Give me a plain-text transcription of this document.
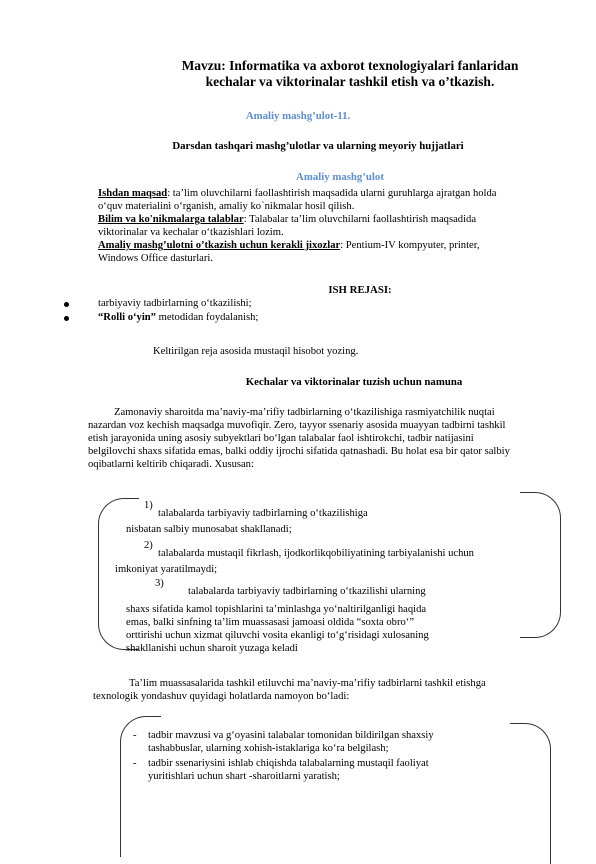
Mavzu: Informatika va axborot texnologiyalari fanlaridan
kechalar va viktorinalar tashkil etish va o’tkazish.
Amaliy mashg’ulot-11.
Darsdan tashqari mashg’ulotlar va ularning meyoriy hujjatlari
Amaliy mashg’ulot
Ishdan maqsad: ta’lim oluvchilarni faollashtirish maqsadida ularni guruhlarga ajratgan holda
o‘quv materialini o‘rganish, amaliy ko`nikmalar hosil qilish.
Bilim va ko'nikmalarga talablar: Talabalar ta’lim oluvchilarni faollashtirish maqsadida
viktorinalar va kechalar o‘tkazishlari lozim.
Amaliy mashg’ulotni o’tkazish uchun kerakli jixozlar: Pentium-IV kompyuter, printer,
Windows Office dasturlari.
ISH REJASI:
tarbiyaviy tadbirlarning o‘tkazilishi;
“Rolli o‘yin” metodidan foydalanish;
Keltirilgan reja asosida mustaqil hisobot yozing.
Kechalar va viktorinalar tuzish uchun namuna
Zamonaviy sharoitda ma’naviy-ma’rifiy tadbirlarning o‘tkazilishiga rasmiyatchilik nuqtai
nazardan voz kechish maqsadga muvofiqir. Zero, tayyor ssenariy asosida muayyan tadbirni tashkil
etish jarayonida uning asosiy subyektlari bo‘lgan talabalar faol ishtirokchi, tadbir natijasini
belgilovchi shaxs sifatida emas, balki oddiy ijrochi sifatida qatnashadi. Bu holat esa bir qator salbiy
oqibatlarni keltirib chiqaradi. Xususan:
1)
talabalarda tarbiyaviy tadbirlarning o‘tkazilishiga
nisbatan salbiy munosabat shakllanadi;
2)
talabalarda mustaqil fikrlash, ijodkorlikqobiliyatining tarbiyalanishi uchun
imkoniyat yaratilmaydi;
3)
talabalarda tarbiyaviy tadbirlarning o‘tkazilishi ularning
shaxs sifatida kamol topishlarini ta’minlashga yo‘naltirilganligi haqida
emas, balki sinfning ta’lim muassasasi jamoasi oldida “soxta obro‘”
orttirishi uchun xizmat qiluvchi vosita ekanligi to‘g‘risidagi xulosaning
shakllanishi uchun sharoit yuzaga keladi
Ta’lim muassasalarida tashkil etiluvchi ma’naviy-ma’rifiy tadbirlarni tashkil etishga
texnologik yondashuv quyidagi holatlarda namoyon bo‘ladi:
- tadbir mavzusi va g‘oyasini talabalar tomonidan bildirilgan shaxsiy
tashabbuslar, ularning xohish-istaklariga ko‘ra belgilash;
- tadbir ssenariysini ishlab chiqishda talabalarning mustaqil faoliyat
yuritishlari uchun shart -sharoitlarni yaratish;
